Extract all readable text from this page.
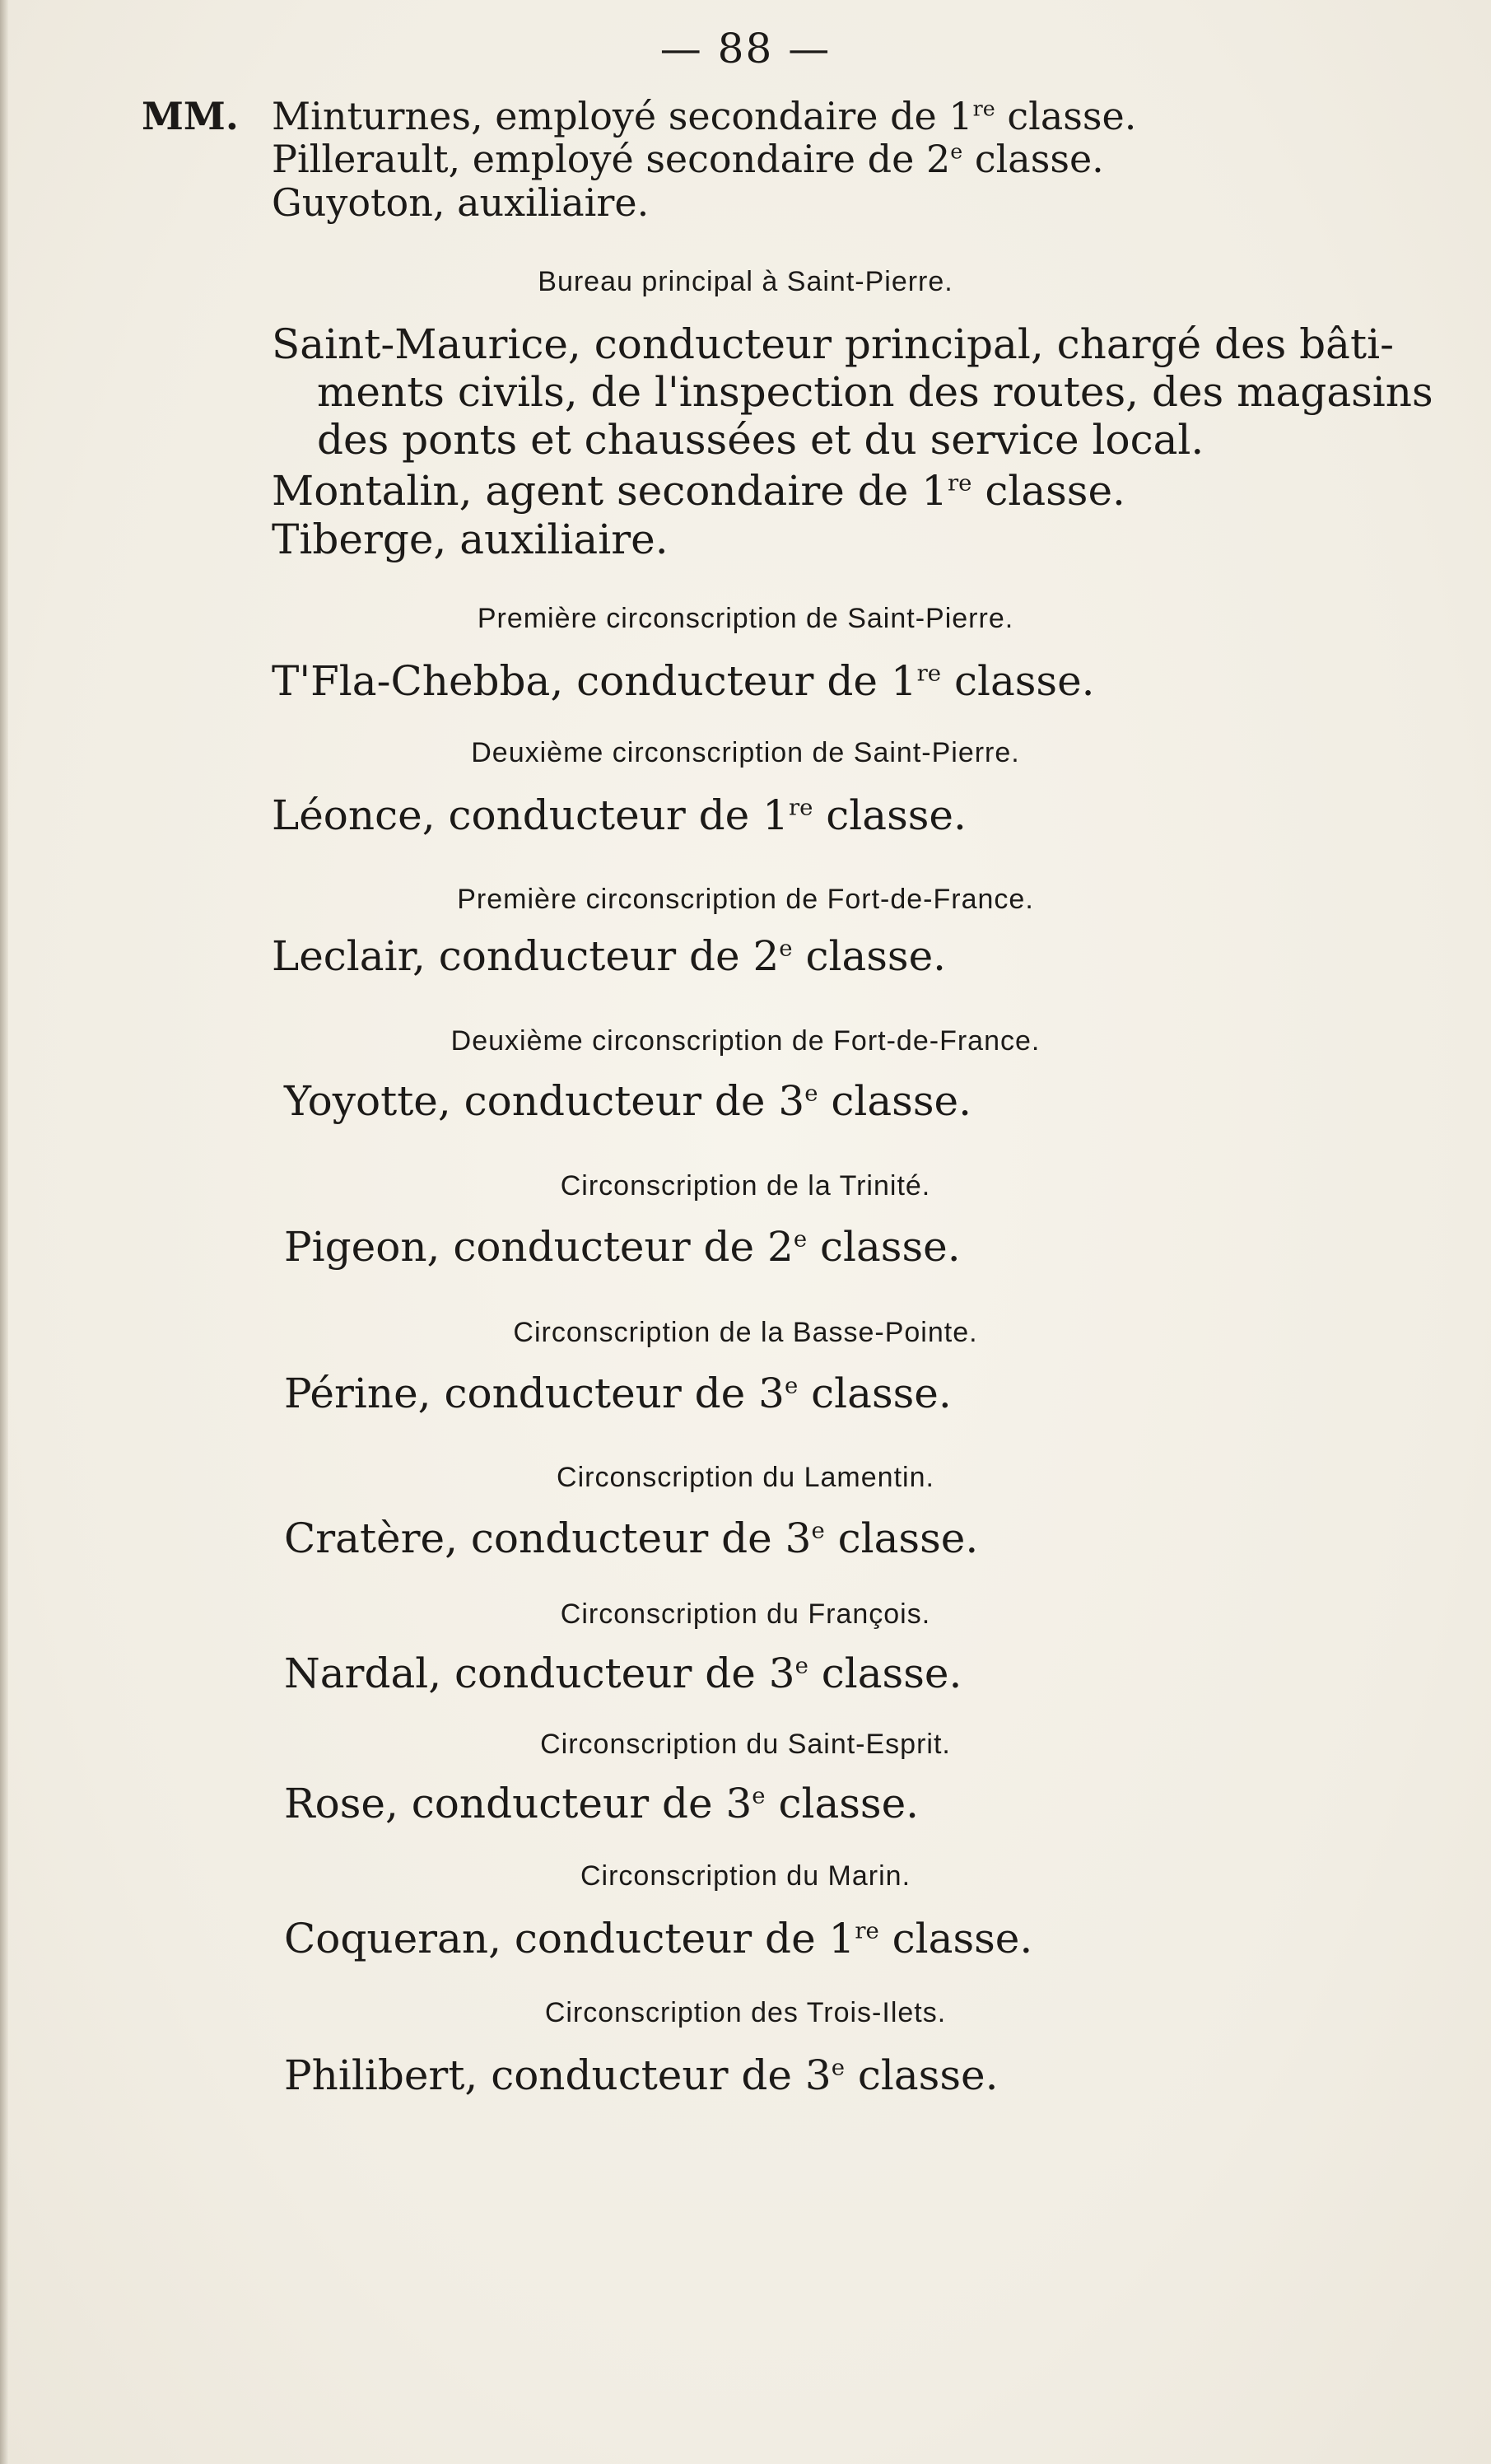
— 88 —
MM. Minturnes, employé secondaire de 1re classe.
Pillerault, employé secondaire de 2e classe.
Guyoton, auxiliaire.
Bureau principal à Saint-Pierre.
Saint-Maurice, conducteur principal, chargé des bâti-
ments civils, de l'inspection des routes, des magasins
des ponts et chaussées et du service local.
Montalin, agent secondaire de 1re classe.
Tiberge, auxiliaire.
Première circonscription de Saint-Pierre.
T'Fla-Chebba, conducteur de 1re classe.
Deuxième circonscription de Saint-Pierre.
Léonce, conducteur de 1re classe.
Première circonscription de Fort-de-France.
Leclair, conducteur de 2e classe.
Deuxième circonscription de Fort-de-France.
Yoyotte, conducteur de 3e classe.
Circonscription de la Trinité.
Pigeon, conducteur de 2e classe.
Circonscription de la Basse-Pointe.
Périne, conducteur de 3e classe.
Circonscription du Lamentin.
Cratère, conducteur de 3e classe.
Circonscription du François.
Nardal, conducteur de 3e classe.
Circonscription du Saint-Esprit.
Rose, conducteur de 3e classe.
Circonscription du Marin.
Coqueran, conducteur de 1re classe.
Circonscription des Trois-Ilets.
Philibert, conducteur de 3e classe.
